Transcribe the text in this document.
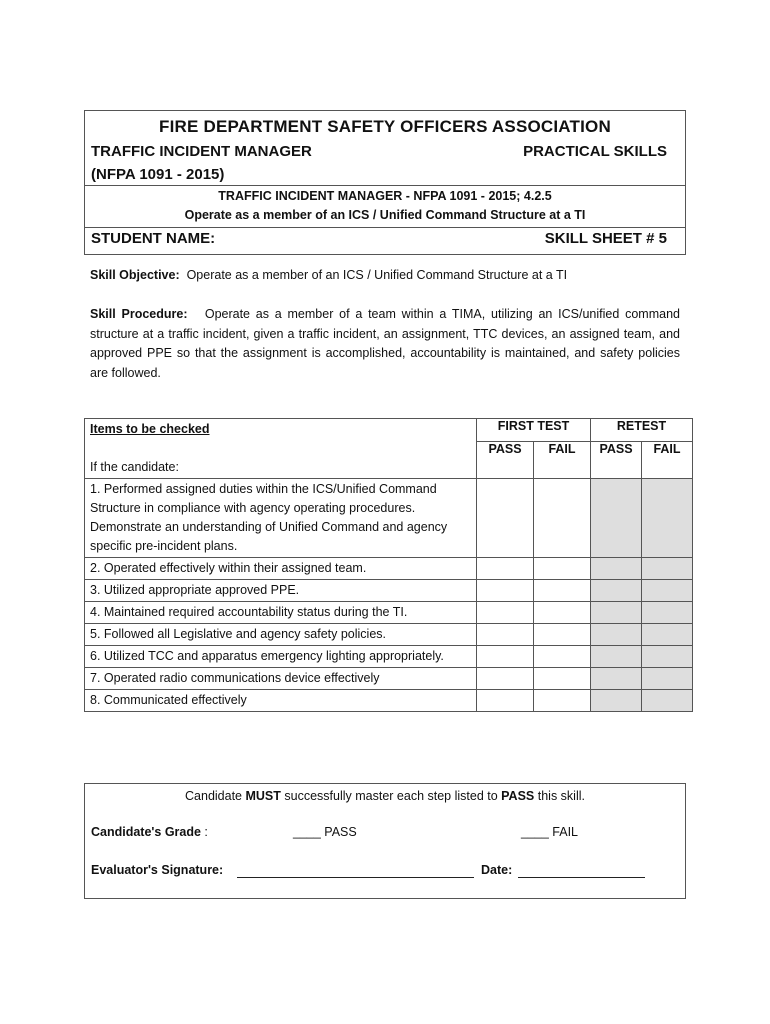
FIRE DEPARTMENT SAFETY OFFICERS ASSOCIATION
TRAFFIC INCIDENT MANAGER	PRACTICAL SKILLS
(NFPA 1091 - 2015)
TRAFFIC INCIDENT MANAGER - NFPA 1091 - 2015; 4.2.5
Operate as a member of an ICS / Unified Command Structure at a TI
STUDENT NAME:	SKILL SHEET # 5
Skill Objective: Operate as a member of an ICS / Unified Command Structure at a TI
Skill Procedure: Operate as a member of a team within a TIMA, utilizing an ICS/unified command structure at a traffic incident, given a traffic incident, an assignment, TTC devices, an assigned team, and approved PPE so that the assignment is accomplished, accountability is maintained, and safety policies are followed.
Items to be checked
If the candidate:	FIRST TEST		RETEST	
	PASS	FAIL	PASS	FAIL
1. Performed assigned duties within the ICS/Unified Command Structure in compliance with agency operating procedures. Demonstrate an understanding of Unified Command and agency specific pre-incident plans.				
2. Operated effectively within their assigned team.				
3. Utilized appropriate approved PPE.				
4. Maintained required accountability status during the TI.				
5. Followed all Legislative and agency safety policies.				
6. Utilized TCC and apparatus emergency lighting appropriately.				
7. Operated radio communications device effectively				
8. Communicated effectively				
Candidate MUST successfully master each step listed to PASS this skill.
Candidate's Grade :	____ PASS	____ FAIL
Evaluator's Signature:	Date:
